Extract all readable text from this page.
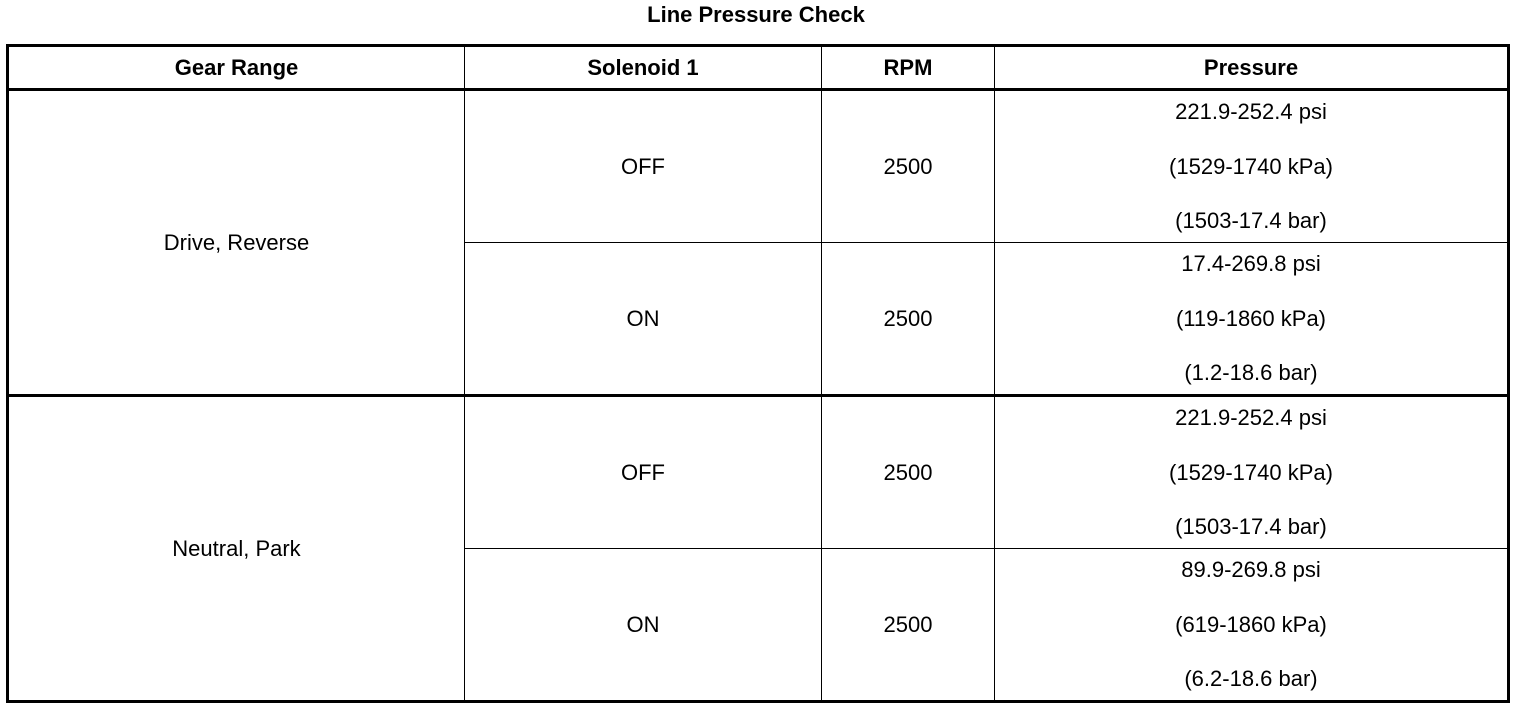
Line Pressure Check
Gear Range	Solenoid 1	RPM	Pressure
Drive, Reverse	OFF	2500	221.9-252.4 psi
(1529-1740 kPa)
(1503-17.4 bar)

	ON	2500	17.4-269.8 psi
(119-1860 kPa)
(1.2-18.6 bar)

Neutral, Park	OFF	2500	221.9-252.4 psi
(1529-1740 kPa)
(1503-17.4 bar)

	ON	2500	89.9-269.8 psi
(619-1860 kPa)
(6.2-18.6 bar)
